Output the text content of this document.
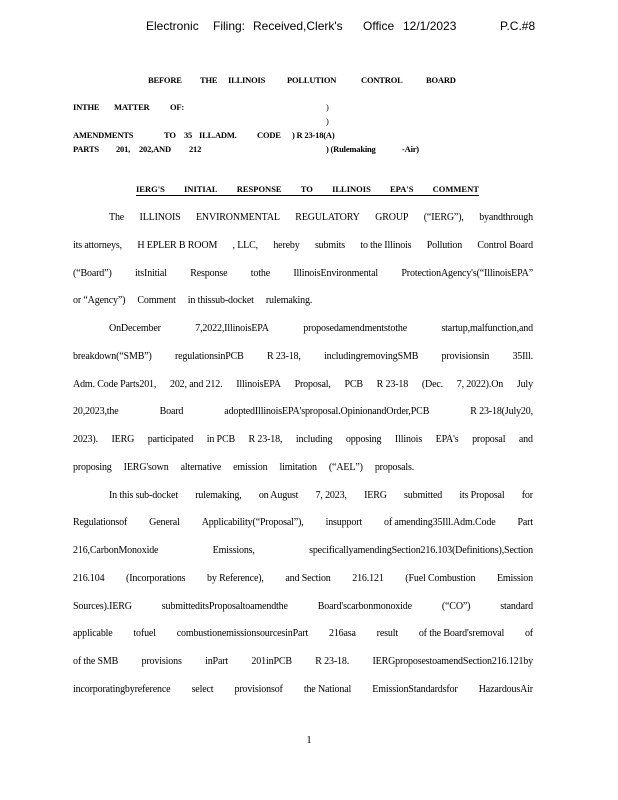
Electronic Filing: Received,Clerk's Office 12/1/2023	P.C.#8
BEFORE THE ILLINOIS	POLLUTION	CONTROL	BOARD
INTHE MATTER OF:	)
)
AMENDMENTS	TO 35 ILL.ADM. CODE ) R 23-18(A)
PARTS 201, 202,AND 212	) (Rulemaking	-Air)
IERG'S INITIAL RESPONSE TO ILLINOIS EPA'S COMMENT
The ILLINOIS ENVIRONMENTAL REGULATORY GROUP (“IERG”), byandthrough
its attorneys, H EPLER B ROOM , LLC, hereby submits to the Illinois Pollution Control Board
(“Board”) itsInitial Response tothe IllinoisEnvironmental ProtectionAgency's(“IllinoisEPA”
or “Agency”) Comment in thissub-docket rulemaking.
OnDecember	7,2022,IllinoisEPA	proposedamendmentstothe	startup,malfunction,and
breakdown(“SMB”) regulationsinPCB R 23-18, includingremovingSMB provisionsin 35Ill.
Adm. Code Parts201, 202, and 212. IllinoisEPA Proposal, PCB R 23-18 (Dec. 7, 2022).On July
20,2023,the	Board	adoptedIllinoisEPA'sproposal.OpinionandOrder,PCB	R 23-18(July20,
2023). IERG participated in PCB R 23-18, including opposing Illinois EPA's proposal and
proposing IERG'sown alternative emission limitation (“AEL”) proposals.
In this sub-docket rulemaking, on August 7, 2023, IERG submitted its Proposal for
Regulationsof General Applicability(“Proposal”), insupport of amending35Ill.Adm.Code Part
216,CarbonMonoxide	Emissions,	specificallyamendingSection216.103(Definitions),Section
216.104 (Incorporations by Reference), and Section 216.121 (Fuel Combustion Emission
Sources).IERG	submitteditsProposaltoamendthe	Board'scarbonmonoxide	(“CO”)	standard
applicable tofuel combustionemissionsourcesinPart 216asa result of the Board'sremoval of
of the SMB provisions inPart 201inPCB R 23-18. IERGproposestoamendSection216.121by
incorporatingbyreference select provisionsof the National EmissionStandardsfor HazardousAir
1
